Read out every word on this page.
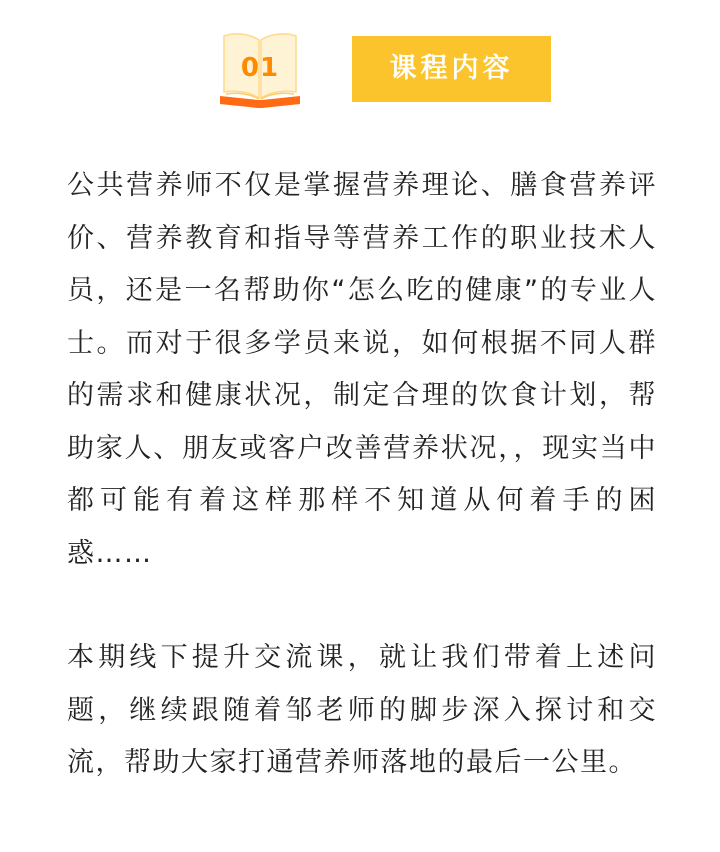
01	课程内容

公共营养师不仅是掌握营养理论、膳食营养评价、营养教育和指导等营养工作的职业技术人员，还是一名帮助你“怎么吃的健康”的专业人士。而对于很多学员来说，如何根据不同人群的需求和健康状况，制定合理的饮食计划，帮助家人、朋友或客户改善营养状况，，现实当中都可能有着这样那样不知道从何着手的困惑……

本期线下提升交流课，就让我们带着上述问题，继续跟随着邹老师的脚步深入探讨和交流，帮助大家打通营养师落地的最后一公里。
